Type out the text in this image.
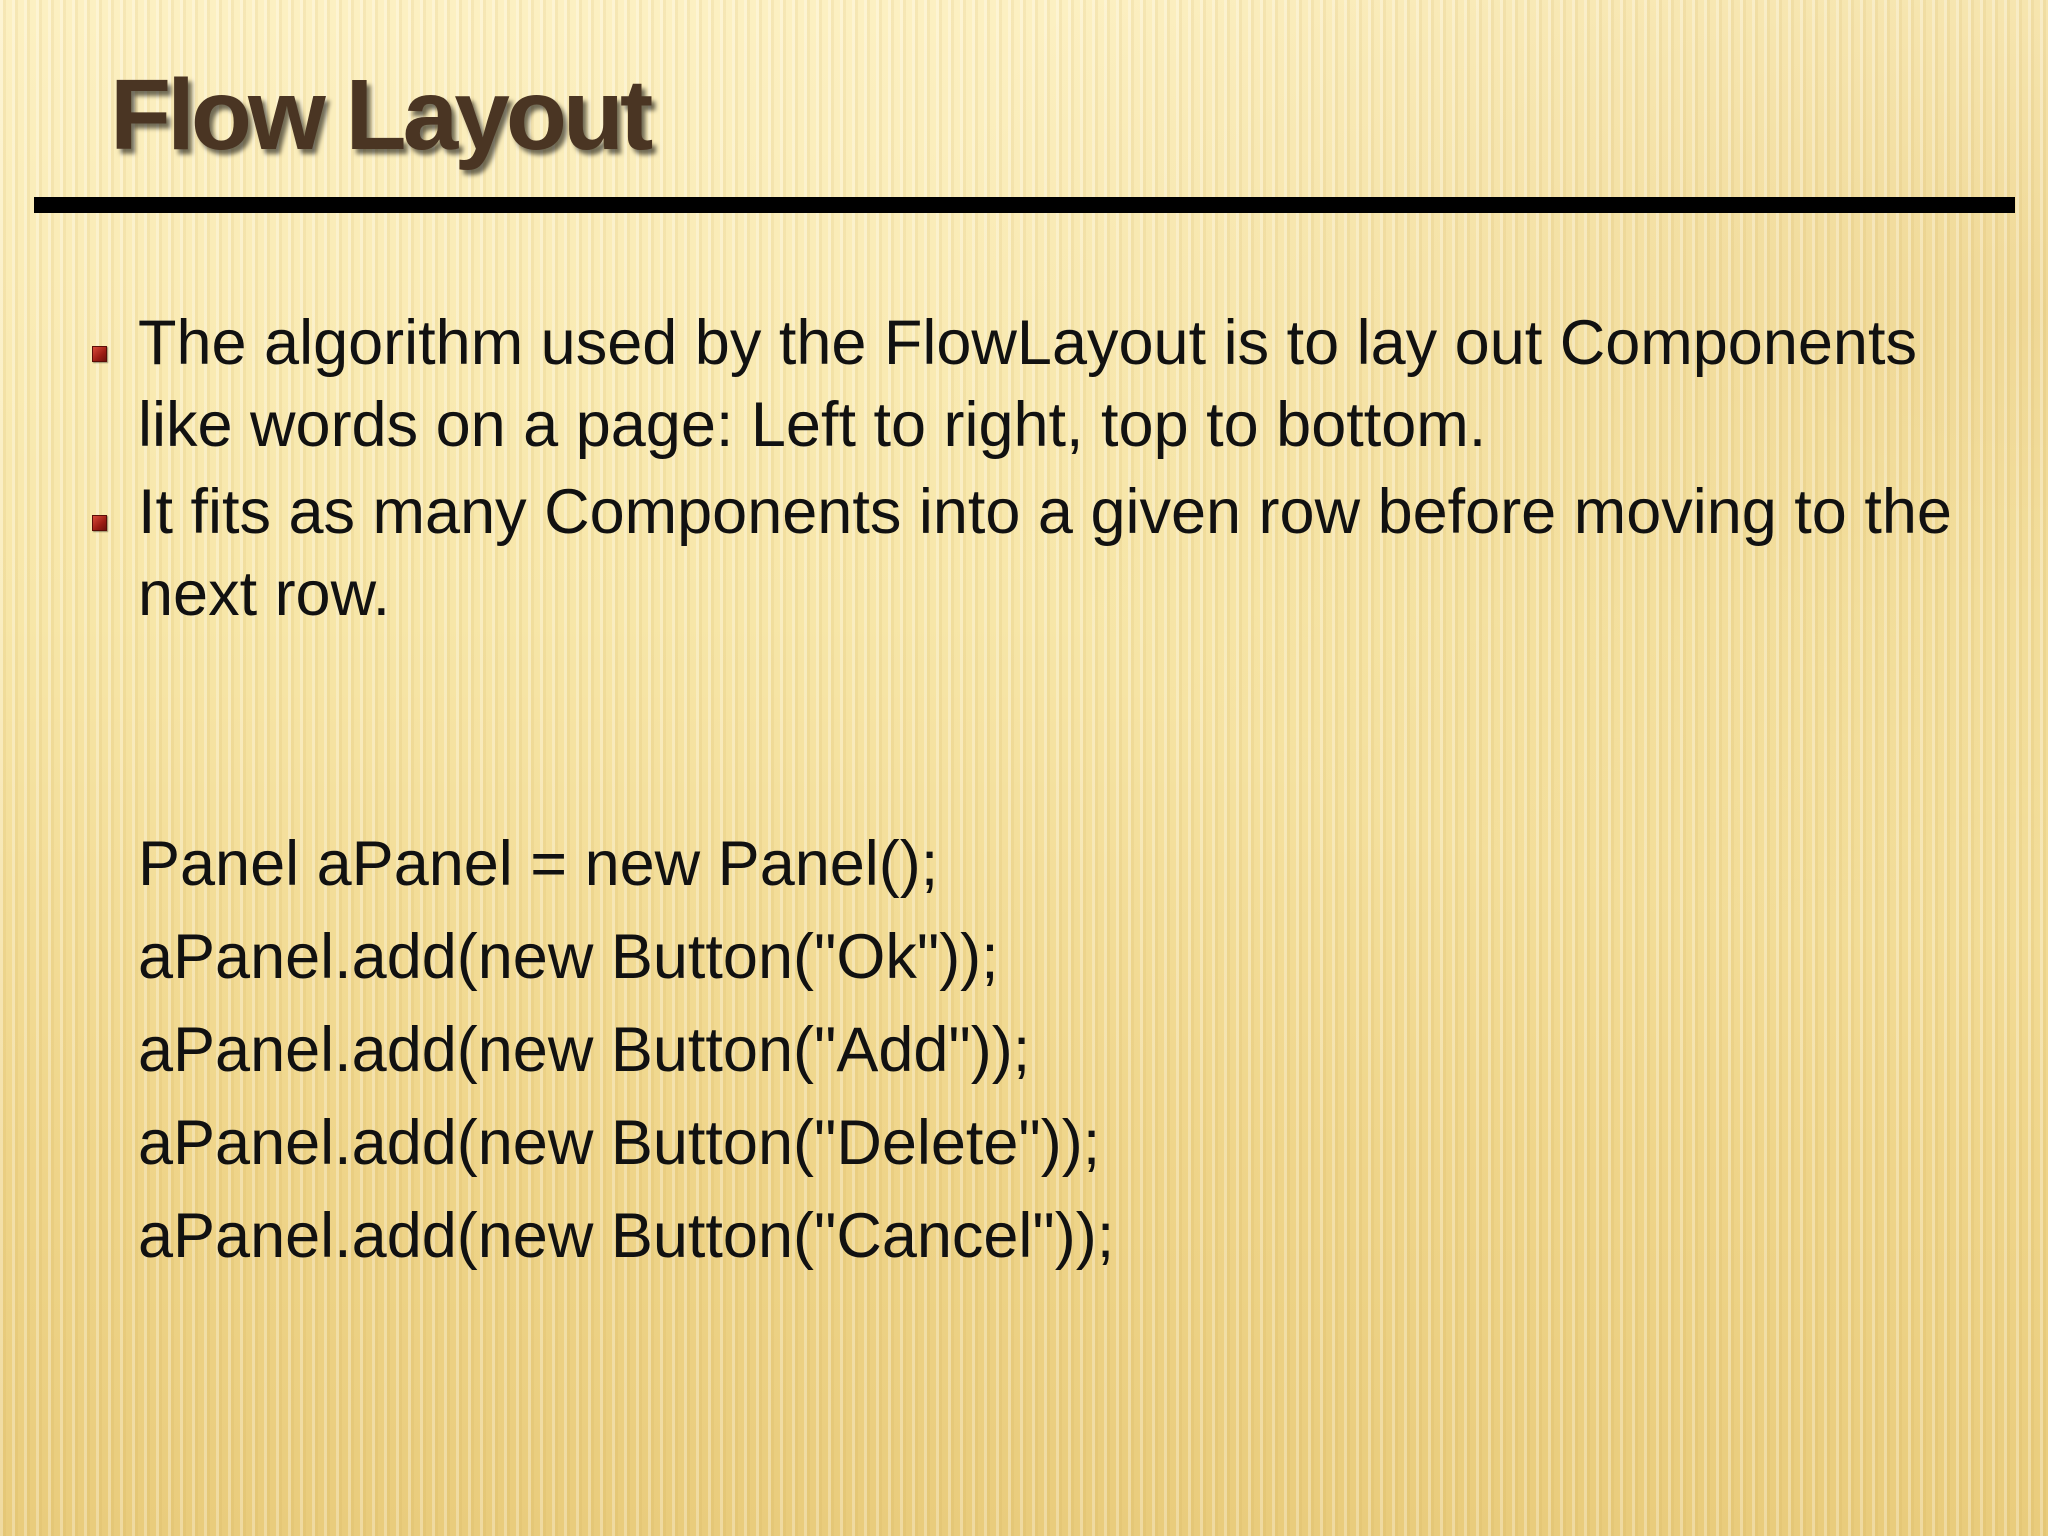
Flow Layout
The algorithm used by the FlowLayout is to lay out Components like words on a page: Left to right, top to bottom.
It fits as many Components into a given row before moving to the next row.
Panel aPanel = new Panel();
aPanel.add(new Button("Ok"));
aPanel.add(new Button("Add"));
aPanel.add(new Button("Delete"));
aPanel.add(new Button("Cancel"));
